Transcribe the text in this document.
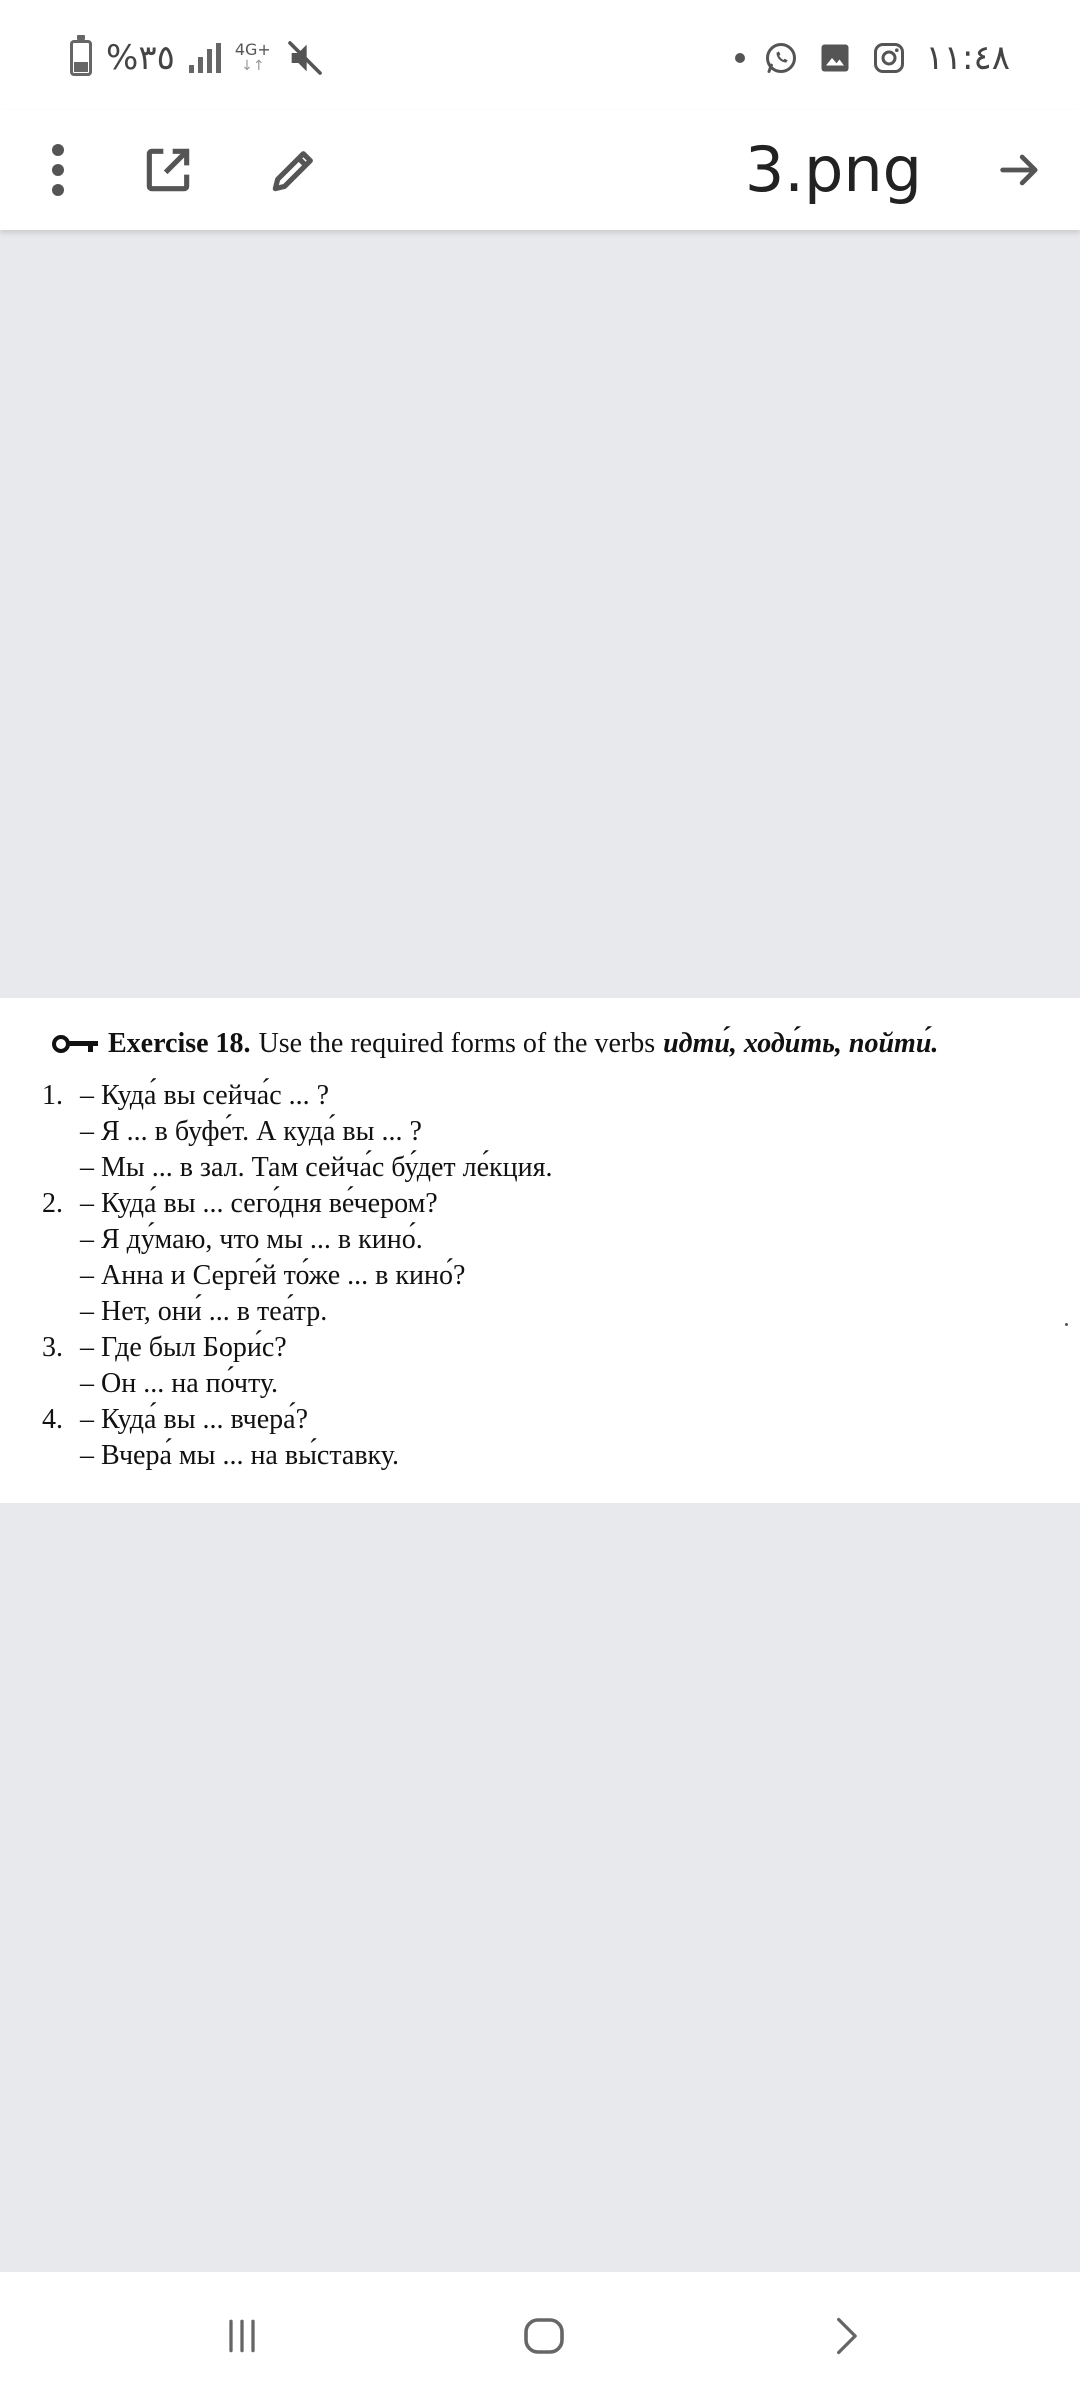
%٣٥	4G+
↓↑	١١:٤٨
3.png
Exercise 18. Use the required forms of the verbs идти́, ходи́ть, пойти́.
1. – Куда́ вы сейча́с ... ?
– Я ... в буфе́т. А куда́ вы ... ?
– Мы ... в зал. Там сейча́с бу́дет ле́кция.
2. – Куда́ вы ... сего́дня ве́чером?
– Я ду́маю, что мы ... в кино́.
– Анна и Серге́й то́же ... в кино́?
– Нет, они́ ... в теа́тр.
3. – Где был Бори́с?
– Он ... на по́чту.
4. – Куда́ вы ... вчера́?
– Вчера́ мы ... на вы́ставку.
